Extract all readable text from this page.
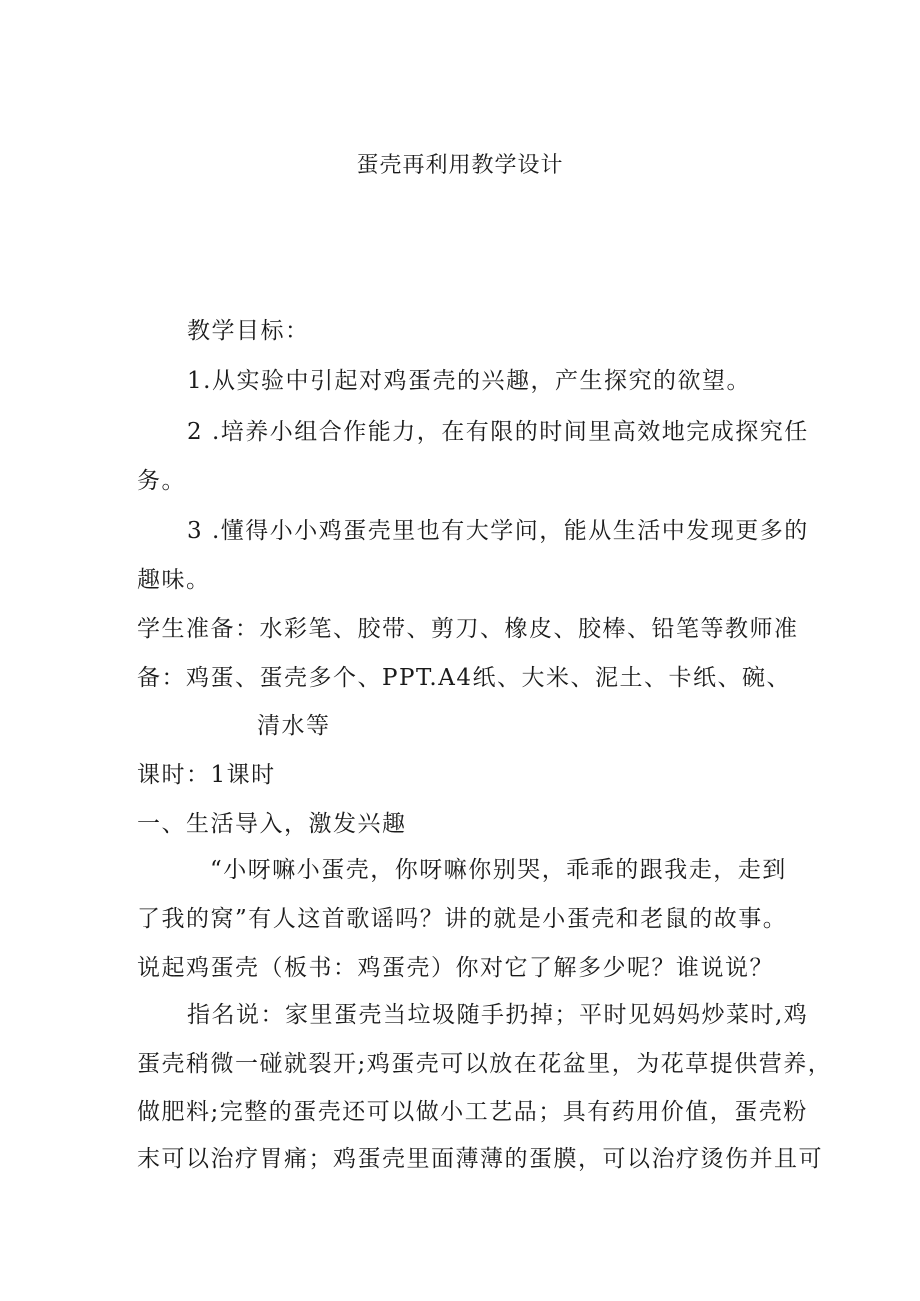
蛋壳再利用教学设计
教学目标：
1.从实验中引起对鸡蛋壳的兴趣，产生探究的欲望。
2 .培养小组合作能力，在有限的时间里高效地完成探究任
务。
3 .懂得小小鸡蛋壳里也有大学问，能从生活中发现更多的
趣味。
学生准备：水彩笔、胶带、剪刀、橡皮、胶棒、铅笔等教师准
备：鸡蛋、蛋壳多个、PPT.A4纸、大米、泥土、卡纸、碗、
清水等
课时：1课时
一、生活导入，激发兴趣
“小呀嘛小蛋壳，你呀嘛你别哭，乖乖的跟我走，走到
了我的窝”有人这首歌谣吗？讲的就是小蛋壳和老鼠的故事。
说起鸡蛋壳（板书：鸡蛋壳）你对它了解多少呢？谁说说？
指名说：家里蛋壳当垃圾随手扔掉；平时见妈妈炒菜时,鸡
蛋壳稍微一碰就裂开;鸡蛋壳可以放在花盆里，为花草提供营养，
做肥料;完整的蛋壳还可以做小工艺品；具有药用价值，蛋壳粉
末可以治疗胃痛；鸡蛋壳里面薄薄的蛋膜，可以治疗烫伤并且可
